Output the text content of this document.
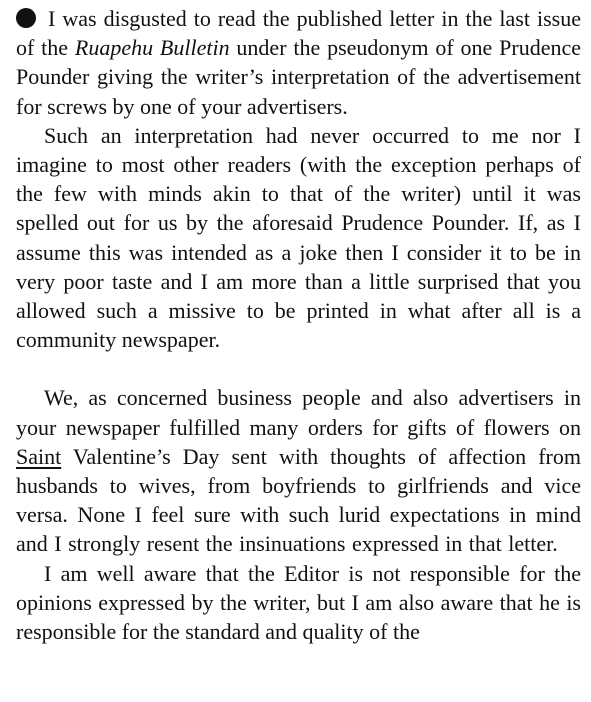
I was disgusted to read the published letter in the last issue of the Ruapehu Bulletin under the pseudonym of one Prudence Pounder giving the writer’s interpretation of the advertisement for screws by one of your advertisers.

Such an interpretation had never occurred to me nor I imagine to most other readers (with the exception perhaps of the few with minds akin to that of the writer) until it was spelled out for us by the aforesaid Prudence Pounder. If, as I assume this was intended as a joke then I consider it to be in very poor taste and I am more than a little surprised that you allowed such a missive to be printed in what after all is a community newspaper.

We, as concerned business people and also advertisers in your newspaper fulfilled many orders for gifts of flowers on Saint Valentine’s Day sent with thoughts of affection from husbands to wives, from boyfriends to girlfriends and vice versa. None I feel sure with such lurid expectations in mind and I strongly resent the insinuations expressed in that letter.

I am well aware that the Editor is not responsible for the opinions expressed by the writer, but I am also aware that he is responsible for the standard and quality of the
